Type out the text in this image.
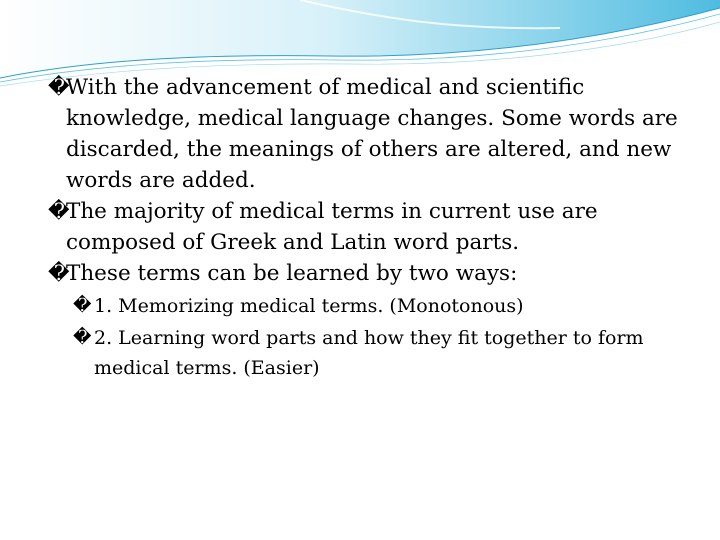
�
With the advancement of medical and scientific knowledge, medical language changes. Some words are discarded, the meanings of others are altered, and new words are added.

�
The majority of medical terms in current use are composed of Greek and Latin word parts.

�
These terms can be learned by two ways:

� 1. Memorizing medical terms. (Monotonous)
� 2. Learning word parts and how they fit together to form medical terms. (Easier)
